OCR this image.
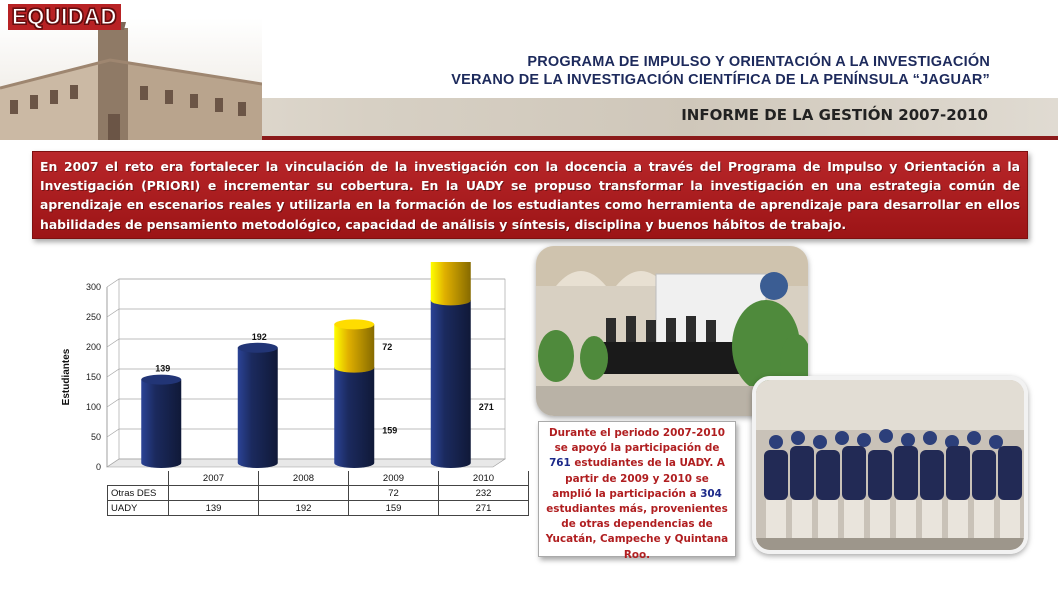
EQUIDAD
PROGRAMA DE IMPULSO Y ORIENTACIÓN A LA INVESTIGACIÓN
VERANO DE LA INVESTIGACIÓN CIENTÍFICA DE LA PENÍNSULA “JAGUAR”
INFORME DE LA GESTIÓN 2007-2010
En 2007 el reto era fortalecer la vinculación de la investigación con la docencia a través del Programa de Impulso y Orientación a la Investigación (PRIORI) e incrementar su cobertura. En la UADY se propuso transformar la investigación en una estrategia común de aprendizaje en escenarios reales y utilizarla en la formación de los estudiantes como herramienta de aprendizaje para desarrollar en ellos habilidades de pensamiento metodológico, capacidad de análisis y síntesis, disciplina y buenos hábitos de trabajo.
0
50
100
150
200
250
300
Estudiantes	139
192
72
159
271
	2007	2008	2009	2010
Otras DES			72	232
UADY	139	192	159	271
Durante el periodo 2007-2010 se apoyó la participación de 761 estudiantes de la UADY. A partir de 2009 y 2010 se amplió la participación a 304 estudiantes más, provenientes de otras dependencias de Yucatán, Campeche y Quintana Roo.
